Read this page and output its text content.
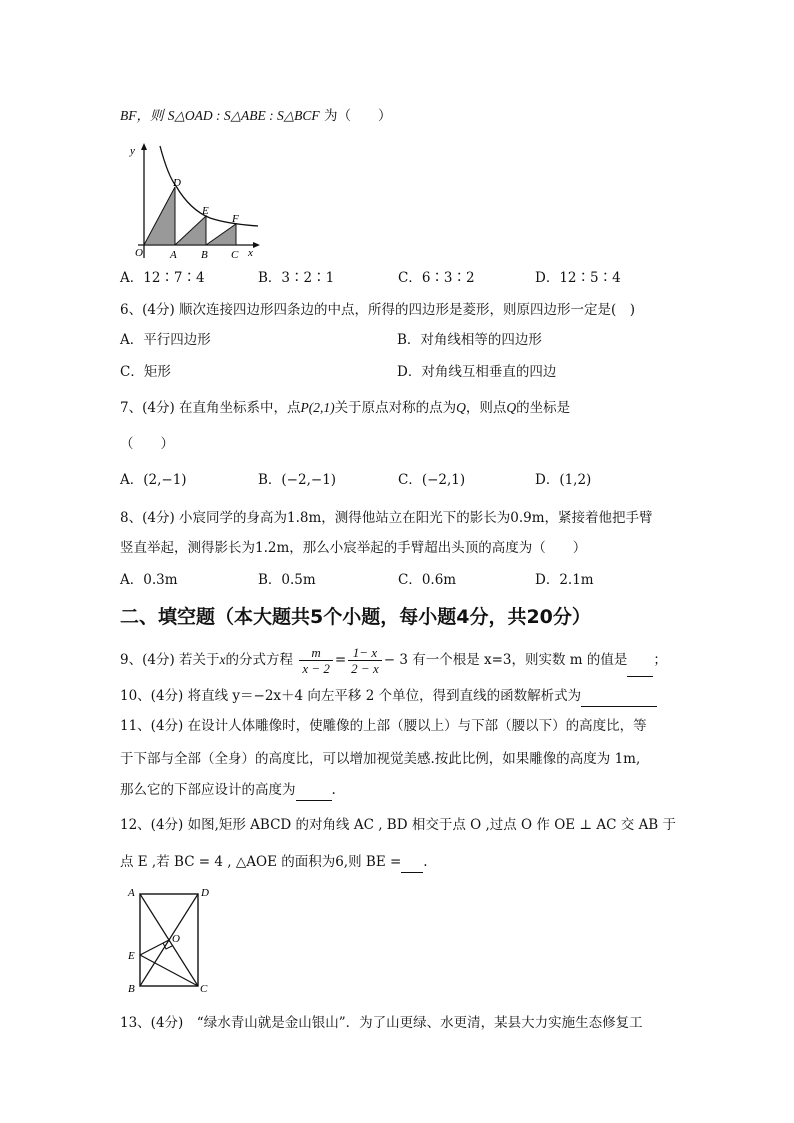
BF，则 S△OAD : S△ABE : S△BCF 为（　　）
y
D
E
F
O A B C x
A．12∶7∶4	B．3∶2∶1	C．6∶3∶2	D．12∶5∶4
6、(4分) 顺次连接四边形四条边的中点，所得的四边形是菱形，则原四边形一定是(　)
A．平行四边形	B．对角线相等的四边形
C．矩形	D．对角线互相垂直的四边
7、(4分) 在直角坐标系中，点P(2,1)关于原点对称的点为Q，则点Q的坐标是
（　　）
A．(2,−1)	B．(−2,−1)	C．(−2,1)	D．(1,2)
8、(4分) 小宸同学的身高为1.8m，测得他站立在阳光下的影长为0.9m，紧接着他把手臂
竖直举起，测得影长为1.2m，那么小宸举起的手臂超出头顶的高度为（　　）
A．0.3m	B．0.5m	C．0.6m	D．2.1m
二、填空题（本大题共5个小题，每小题4分，共20分）
9、(4分) 若关于x的分式方程 $\frac{m}{x - 2} = \frac{1- x}{2 - x} - 3$ 有一个根是 x=3，则实数 m 的值是 ；
10、(4分) 将直线 y＝−2x＋4 向左平移 2 个单位，得到直线的函数解析式为
11、(4分) 在设计人体雕像时，使雕像的上部（腰以上）与下部（腰以下）的高度比，等
于下部与全部（全身）的高度比，可以增加视觉美感.按此比例，如果雕像的高度为 1m,
那么它的下部应设计的高度为	.
12、(4分) 如图,矩形 ABCD 的对角线 AC , BD 相交于点 O ,过点 O 作 OE ⊥ AC 交 AB 于
点 E ,若 BC = 4 , △AOE 的面积为6,则 BE = .
A	D
O
E
B	C
13、(4分)　“绿水青山就是金山银山”．为了山更绿、水更清，某县大力实施生态修复工
